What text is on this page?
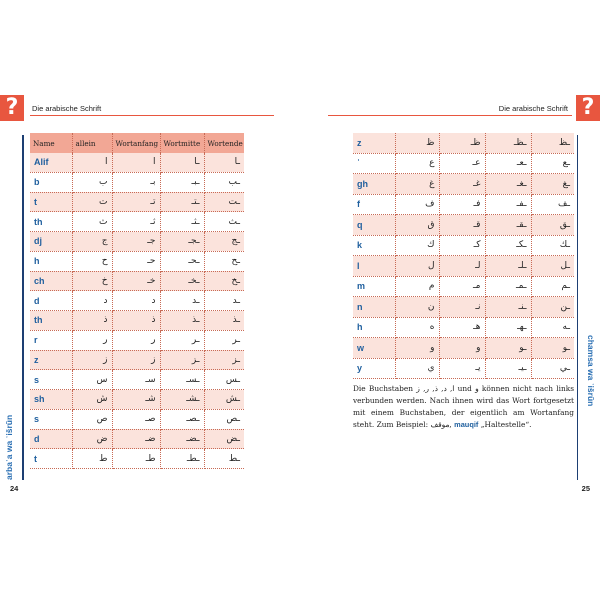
?	Die arabische Schrift
arbaʿa wa ʿišrūn
24
Name	allein	Wortanfang	Wortmitte	Wortende
Alif	ا	ا	ـا	ـا
b	ب	بـ	ـبـ	ـب
t	ت	تـ	ـتـ	ـت
th	ث	ثـ	ـثـ	ـث
dj	ج	جـ	ـجـ	ـج
h	ح	حـ	ـحـ	ـح
ch	خ	خـ	ـخـ	ـخ
d	د	د	ـد	ـد
th	ذ	ذ	ـذ	ـذ
r	ر	ر	ـر	ـر
z	ز	ز	ـز	ـز
s	س	سـ	ـسـ	ـس
sh	ش	شـ	ـشـ	ـش
s	ص	صـ	ـصـ	ـص
d	ض	ضـ	ـضـ	ـض
t	ط	طـ	ـطـ	ـط
?
Die arabische Schrift
chamsa wa ʿišrūn
25
z	ظ	ظـ	ـظـ	ـظ
ʿ	ع	عـ	ـعـ	ـع
gh	غ	غـ	ـغـ	ـغ
f	ف	فـ	ـفـ	ـف
q	ق	قـ	ـقـ	ـق
k	ك	كـ	ـكـ	ـك
l	ل	لـ	ـلـ	ـل
m	م	مـ	ـمـ	ـم
n	ن	نـ	ـنـ	ـن
h	ه	هـ	ـهـ	ـه
w	و	و	ـو	ـو
y	ي	يـ	ـيـ	ـي
Die Buchstaben ا, د, ذ, ر, ز und و können nicht nach links verbunden werden. Nach ihnen wird das Wort fortgesetzt mit einem Buchstaben, der eigentlich am Wortanfang steht. Zum Beispiel: موقف, mauqif „Haltestelle“.
